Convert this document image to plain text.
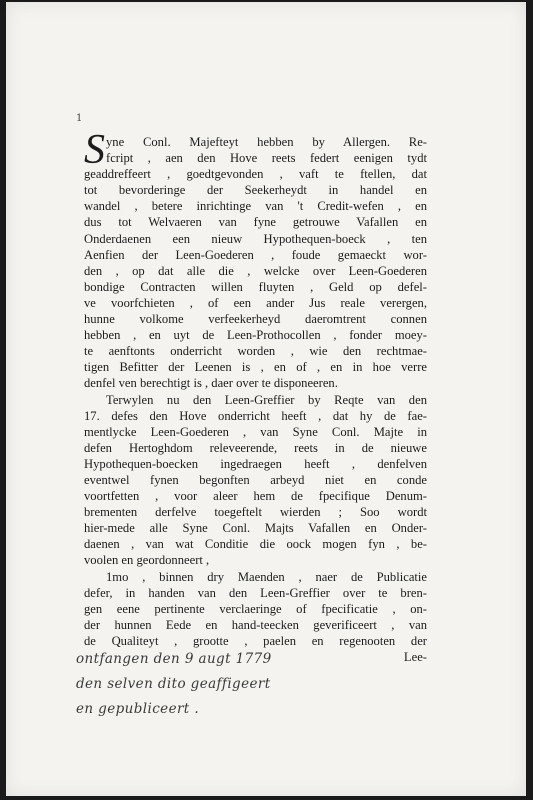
1
S yne Conl. Majefteyt hebben by Allergen. Re-
fcript , aen den Hove reets federt eenigen tydt
geaddreffeert , goedtgevonden , vaft te ftellen, dat
tot bevorderinge der Seekerheydt in handel en
wandel , betere inrichtinge van 't Credit-wefen , en
dus tot Welvaeren van fyne getrouwe Vafallen en
Onderdaenen een nieuw Hypothequen-boeck , ten
Aenfien der Leen-Goederen , foude gemaeckt wor-
den , op dat alle die , welcke over Leen-Goederen
bondige Contracten willen fluyten , Geld op defel-
ve voorfchieten , of een ander Jus reale verergen,
hunne volkome verfeekerheyd daeromtrent connen
hebben , en uyt de Leen-Prothocollen , fonder moey-
te aenftonts onderricht worden , wie den rechtmae-
tigen Befitter der Leenen is , en of , en in hoe verre
denfel ven berechtigt is , daer over te disponeeren.
Terwylen nu den Leen-Greffier by Reqte van den
17. defes den Hove onderricht heeft , dat hy de fae-
mentlycke Leen-Goederen , van Syne Conl. Majte in
defen Hertoghdom releveerende, reets in de nieuwe
Hypothequen-boecken ingedraegen heeft , denfelven
eventwel fynen begonften arbeyd niet en conde
voortfetten , voor aleer hem de fpecifique Denum-
brementen derfelve toegeftelt wierden ; Soo wordt
hier-mede alle Syne Conl. Majts Vafallen en Onder-
daenen , van wat Conditie die oock mogen fyn , be-
voolen en geordonneert ,
1mo , binnen dry Maenden , naer de Publicatie
defer, in handen van den Leen-Greffier over te bren-
gen eene pertinente verclaeringe of fpecificatie , on-
der hunnen Eede en hand-teecken geverificeert , van
de Qualiteyt , grootte , paelen en regenooten der
Lee-
ontfangen den 9 augt 1779
den selven dito geaffigeert
en gepubliceert .
